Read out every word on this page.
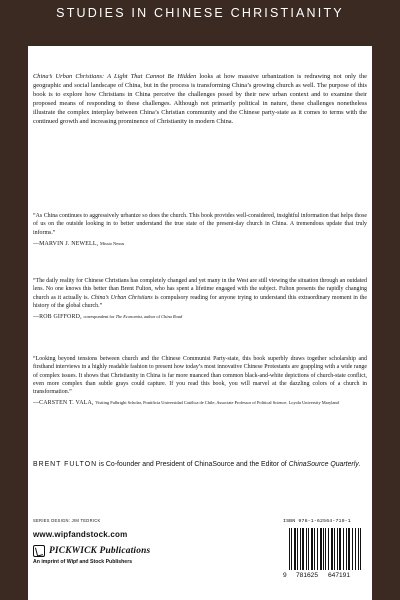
STUDIES IN CHINESE CHRISTIANITY
China’s Urban Christians: A Light That Cannot Be Hidden looks at how massive urbanization is redrawing not only the geographic and social landscape of China, but in the process is transforming China’s growing church as well. The purpose of this book is to explore how Christians in China perceive the challenges posed by their new urban context and to examine their proposed means of responding to these challenges. Although not primarily political in nature, these challenges nonetheless illustrate the complex interplay between China’s Christian community and the Chinese party-state as it comes to terms with the continued growth and increasing prominence of Christianity in modern China.
“As China continues to aggressively urbanize so does the church. This book provides well-considered, insightful information that helps those of us on the outside looking in to better understand the true state of the present-day church in China. A tremendous update that truly informs.”
—MARVIN J. NEWELL, Missio Nexus
“The daily reality for Chinese Christians has completely changed and yet many in the West are still viewing the situation through an outdated lens. No one knows this better than Brent Fulton, who has spent a lifetime engaged with the subject. Fulton presents the rapidly changing church as it actually is. China’s Urban Christians is compulsory reading for anyone trying to understand this extraordinary moment in the history of the global church.”
—ROB GIFFORD, correspondent for The Economist, author of China Road
“Looking beyond tensions between church and the Chinese Communist Party-state, this book superbly draws together scholarship and firsthand interviews in a highly readable fashion to present how today’s most innovative Chinese Protestants are grappling with a wide range of complex issues. It shows that Christianity in China is far more nuanced than common black-and-white depictions of church-state conflict, even more complex than subtle grays could capture. If you read this book, you will marvel at the dazzling colors of a church in transformation.”
—CARSTEN T. VALA, Visiting Fulbright Scholar, Pontificia Universidad Católica de Chile; Associate Professor of Political Science, Loyola University Maryland
BRENT FULTON is Co-founder and President of ChinaSource and the Editor of ChinaSource Quarterly.
SERIES DESIGN: JIM TEDRICK
www.wipfandstock.com
PICKWICK Publications
An imprint of Wipf and Stock Publishers
ISBN 978-1-62564-719-1
9 781625 647191
